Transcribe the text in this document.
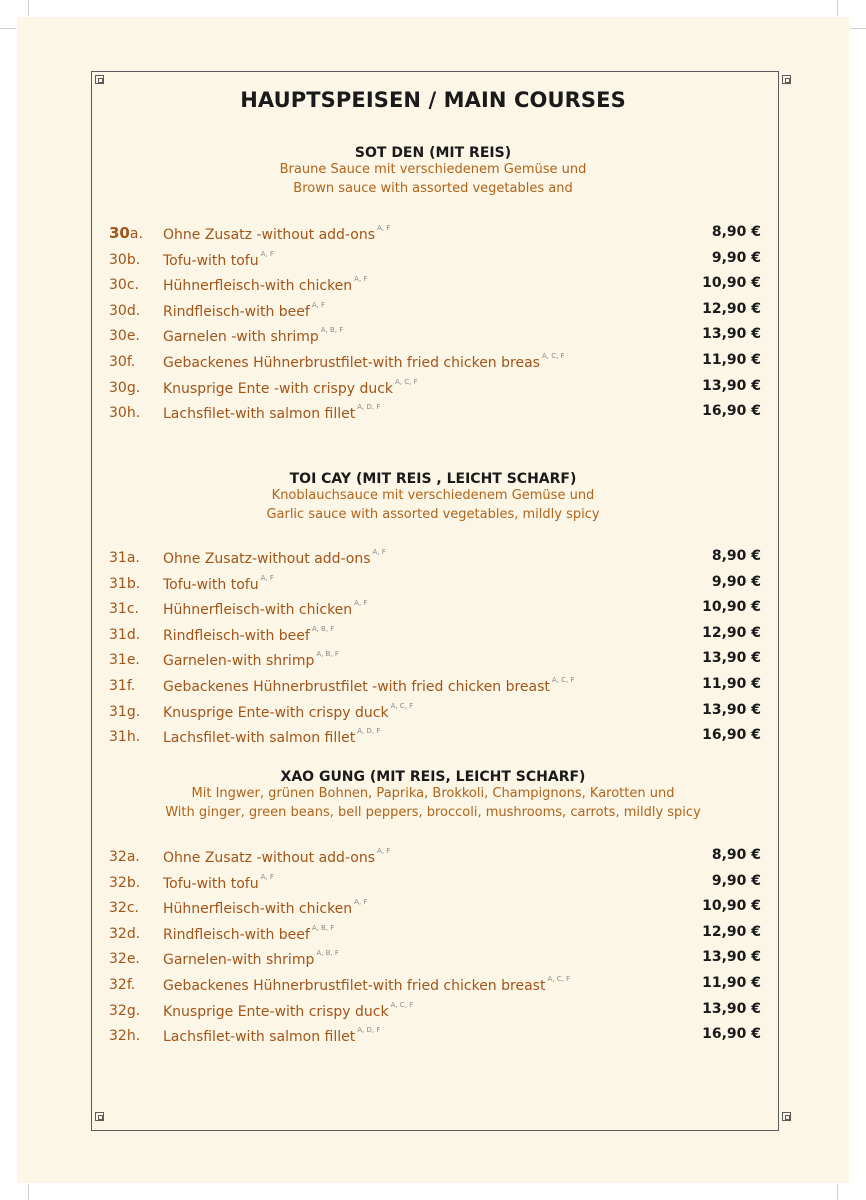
HAUPTSPEISEN / MAIN COURSES
SOT DEN (MIT REIS)
Braune Sauce mit verschiedenem Gemüse und
Brown sauce with assorted vegetables and
30a. Ohne Zusatz -without add-ons $^{A, F}$	8,90 €
30b. Tofu-with tofu $^{A, F}$	9,90 €
30c. Hühnerfleisch-with chicken $^{A, F}$	10,90 €
30d. Rindfleisch-with beef $^{A, F}$	12,90 €
30e. Garnelen -with shrimp $^{A, B, F}$	13,90 €
30f. Gebackenes Hühnerbrustfilet-with fried chicken breas $^{A, C, F}$	11,90 €
30g. Knusprige Ente -with crispy duck $^{A, C, F}$	13,90 €
30h. Lachsfilet-with salmon fillet $^{A, D, F}$	16,90 €
TOI CAY (MIT REIS , LEICHT SCHARF)
Knoblauchsauce mit verschiedenem Gemüse und
Garlic sauce with assorted vegetables, mildly spicy
31a. Ohne Zusatz-without add-ons $^{A, F}$	8,90 €
31b. Tofu-with tofu $^{A, F}$	9,90 €
31c. Hühnerfleisch-with chicken $^{A, F}$	10,90 €
31d. Rindfleisch-with beef $^{A, B, F}$	12,90 €
31e. Garnelen-with shrimp $^{A, B, F}$	13,90 €
31f. Gebackenes Hühnerbrustfilet -with fried chicken breast $^{A, C, F}$	11,90 €
31g. Knusprige Ente-with crispy duck $^{A, C, F}$	13,90 €
31h. Lachsfilet-with salmon fillet $^{A, D, F}$	16,90 €
XAO GUNG (MIT REIS, LEICHT SCHARF)
Mit Ingwer, grünen Bohnen, Paprika, Brokkoli, Champignons, Karotten und
With ginger, green beans, bell peppers, broccoli, mushrooms, carrots, mildly spicy
32a. Ohne Zusatz -without add-ons $^{A, F}$	8,90 €
32b. Tofu-with tofu $^{A, F}$	9,90 €
32c. Hühnerfleisch-with chicken $^{A, F}$	10,90 €
32d. Rindfleisch-with beef $^{A, B, F}$	12,90 €
32e. Garnelen-with shrimp $^{A, B, F}$	13,90 €
32f. Gebackenes Hühnerbrustfilet-with fried chicken breast $^{A, C, F}$	11,90 €
32g. Knusprige Ente-with crispy duck $^{A, C, F}$	13,90 €
32h. Lachsfilet-with salmon fillet $^{A, D, F}$	16,90 €
